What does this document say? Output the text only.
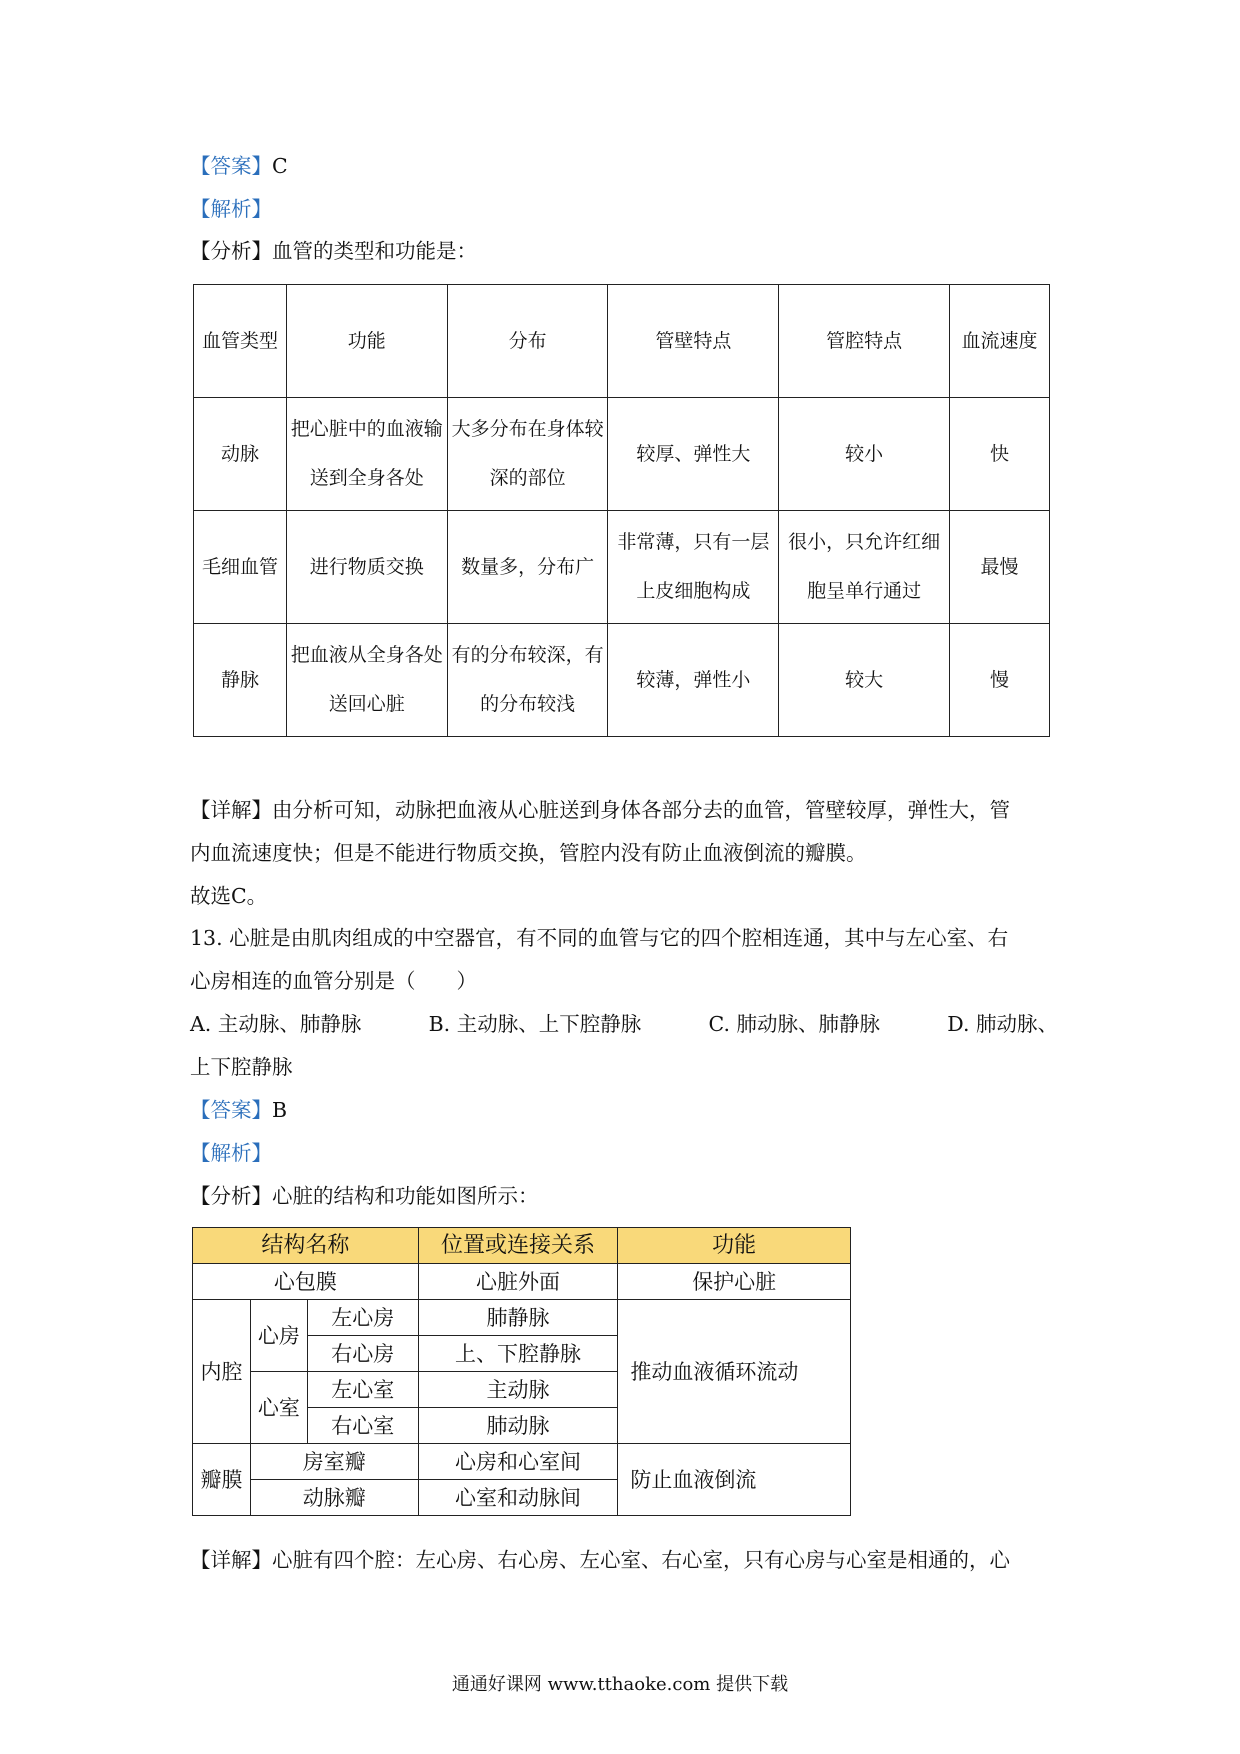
【答案】C
【解析】
【分析】血管的类型和功能是：
血管类型	功能	分布	管壁特点	管腔特点	血流速度
动脉	把心脏中的血液输送到全身各处	大多分布在身体较深的部位	较厚、弹性大	较小	快
毛细血管	进行物质交换	数量多，分布广	非常薄，只有一层上皮细胞构成	很小，只允许红细胞呈单行通过	最慢
静脉	把血液从全身各处送回心脏	有的分布较深，有的分布较浅	较薄，弹性小	较大	慢
【详解】由分析可知，动脉把血液从心脏送到身体各部分去的血管，管壁较厚，弹性大，管
内血流速度快；但是不能进行物质交换，管腔内没有防止血液倒流的瓣膜。
故选C。
13. 心脏是由肌肉组成的中空器官，有不同的血管与它的四个腔相连通，其中与左心室、右
心房相连的血管分别是（　　）
A. 主动脉、肺静脉	B. 主动脉、上下腔静脉	C. 肺动脉、肺静脉	D. 肺动脉、
上下腔静脉
【答案】B
【解析】
【分析】心脏的结构和功能如图所示：
结构名称			位置或连接关系	功能
心包膜			心脏外面	保护心脏
内腔	心房	左心房	肺静脉	推动血液循环流动
		右心房	上、下腔静脉	
	心室	左心室	主动脉	
		右心室	肺动脉	
瓣膜	房室瓣		心房和心室间	防止血液倒流
	动脉瓣		心室和动脉间	
【详解】心脏有四个腔：左心房、右心房、左心室、右心室，只有心房与心室是相通的，心
通通好课网 www.tthaoke.com 提供下载
